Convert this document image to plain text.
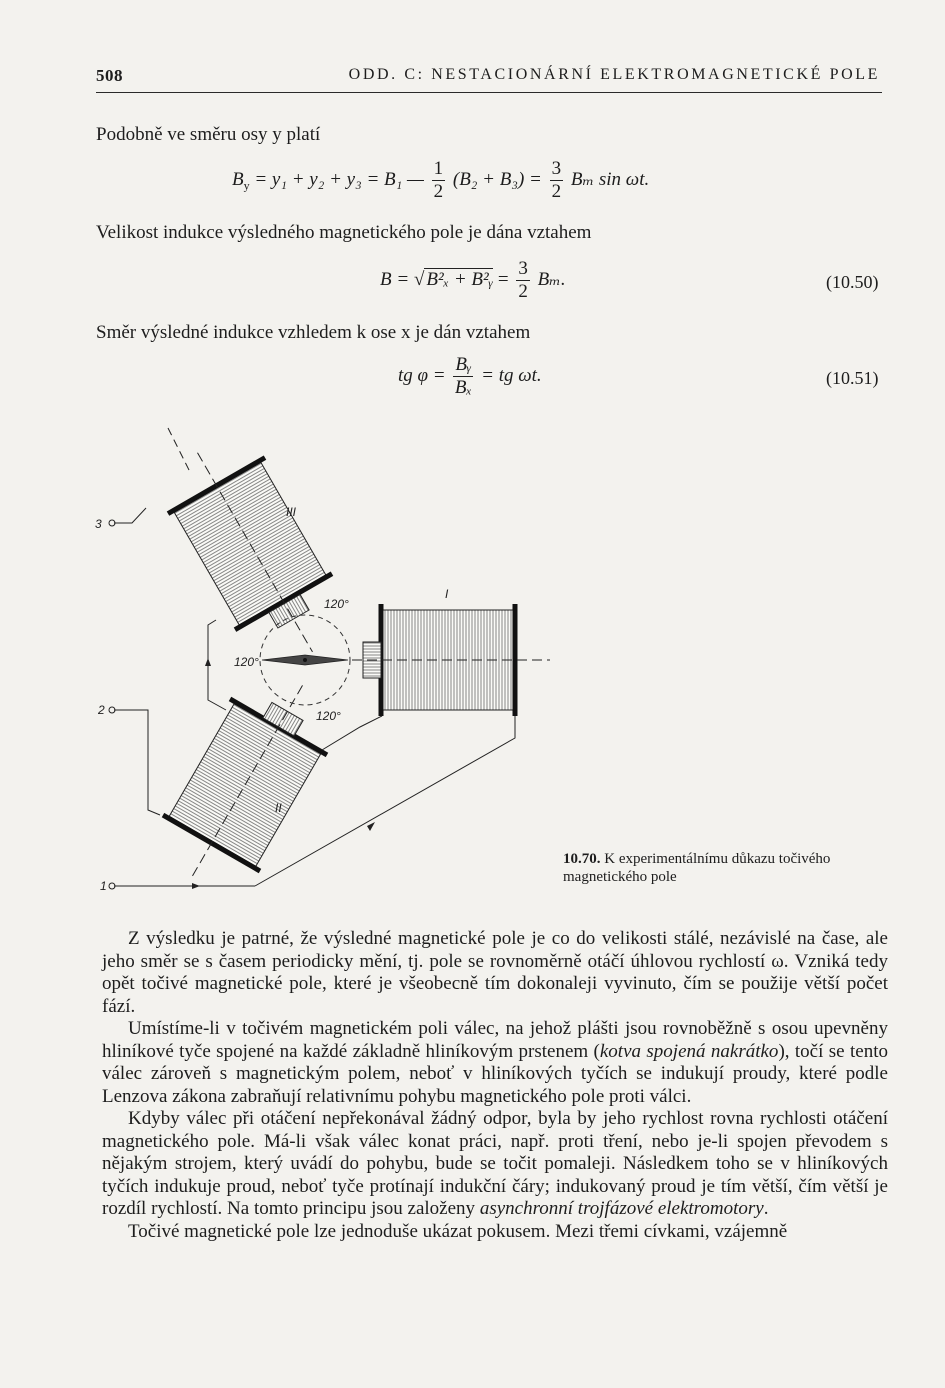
508	ODD. C: NESTACIONÁRNÍ ELEKTROMAGNETICKÉ POLE
Podobně ve směru osy y platí
$B_y = y_1 + y_2 + y_3 = B_1$ — $\frac{1}{2} (B_2 + B_3) = \frac{3}{2}$ Bₘ sin ωt.
Velikost indukce výsledného magnetického pole je dána vztahem
B = √ B²ₓ + B²ᵧ = $\frac{3}{2} B_m$.	(10.50)
Směr výsledné indukce vzhledem k ose x je dán vztahem
tg $\varphi = \frac{\text{Bᵧ}}{\text{Bₓ}}$ = tg ωt.	(10.51)
3
2
1
III
I
II
120°
120°
120°
10.70. K experimentálnímu důkazu točivého magnetického pole

Z výsledku je patrné, že výsledné magnetické pole je co do velikosti stálé, nezávislé na čase, ale jeho směr se s časem periodicky mění, tj. pole se rovnoměrně otáčí úhlovou rychlostí ω. Vzniká tedy opět točivé magnetické pole, které je všeobecně tím dokonaleji vyvinuto, čím se použije větší počet fází.

Umístíme-li v točivém magnetickém poli válec, na jehož plášti jsou rovnoběžně s osou upevněny hliníkové tyče spojené na každé základně hliníkovým prstenem (kotva spojená nakrátko), točí se tento válec zároveň s magnetickým polem, neboť v hliníkových tyčích se indukují proudy, které podle Lenzova zákona zabraňují relativnímu pohybu magnetického pole proti válci.

Kdyby válec při otáčení nepřekonával žádný odpor, byla by jeho rychlost rovna rychlosti otáčení magnetického pole. Má-li však válec konat práci, např. proti tření, nebo je-li spojen převodem s nějakým strojem, který uvádí do pohybu, bude se točit pomaleji. Následkem toho se v hliníkových tyčích indukuje proud, neboť tyče protínají indukční čáry; indukovaný proud je tím větší, čím větší je rozdíl rychlostí. Na tomto principu jsou založeny asynchronní trojfázové elektromotory.

Točivé magnetické pole lze jednoduše ukázat pokusem. Mezi třemi cívkami, vzájemně
